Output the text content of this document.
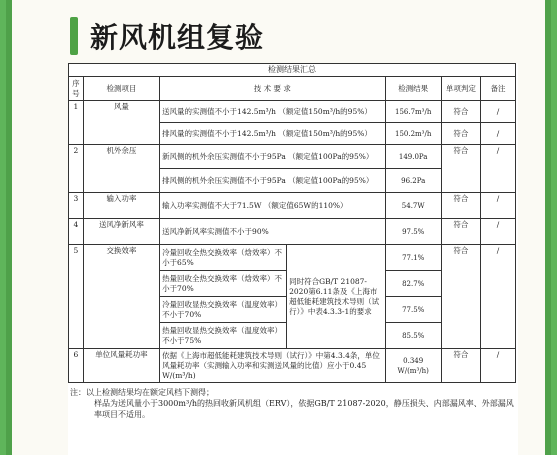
新风机组复验
检测结果汇总						
序号	检测项目	技 术 要 求		检测结果	单项判定	备注
1	风量	送风量的实测值不小于142.5m³/h （额定值150m³/h的95%）		156.7m³/h	符合	/
		排风量的实测值不小于142.5m³/h （额定值150m³/h的95%）		150.2m³/h	符合	/
2	机外余压	新风侧的机外余压实测值不小于95Pa （额定值100Pa的95%）		149.0Pa	符合	/
		排风侧的机外余压实测值不小于95Pa （额定值100Pa的95%）		96.2Pa		
3	输入功率	输入功率实测值不大于71.5W （额定值65W的110%）		54.7W	符合	/
4	送风净新风率	送风净新风率实测值不小于90%		97.5%	符合	/
5	交换效率	冷量回收全热交换效率（焓效率）不小于65%	同时符合GB/T 21087-2020第6.11条及《上海市超低能耗建筑技术导则（试行）》中表4.3.3-1的要求	77.1%	符合	/
		热量回收全热交换效率（焓效率）不小于70%		82.7%		
		冷量回收显热交换效率（温度效率）不小于70%		77.5%		
		热量回收显热交换效率（温度效率）不小于75%		85.5%		
6	单位风量耗功率	依据《上海市超低能耗建筑技术导则（试行）》中第4.3.4条，单位风量耗功率（实测输入功率和实测送风量的比值）应小于0.45 W/(m³/h)		0.349 W/(m³/h)	符合	/

注：以上检测结果均在额定风档下测得；

样品为送风量小于3000m³/h的热回收新风机组（ERV），依据GB/T 21087-2020，静压损失、内部漏风率、外部漏风率项目不适用。
